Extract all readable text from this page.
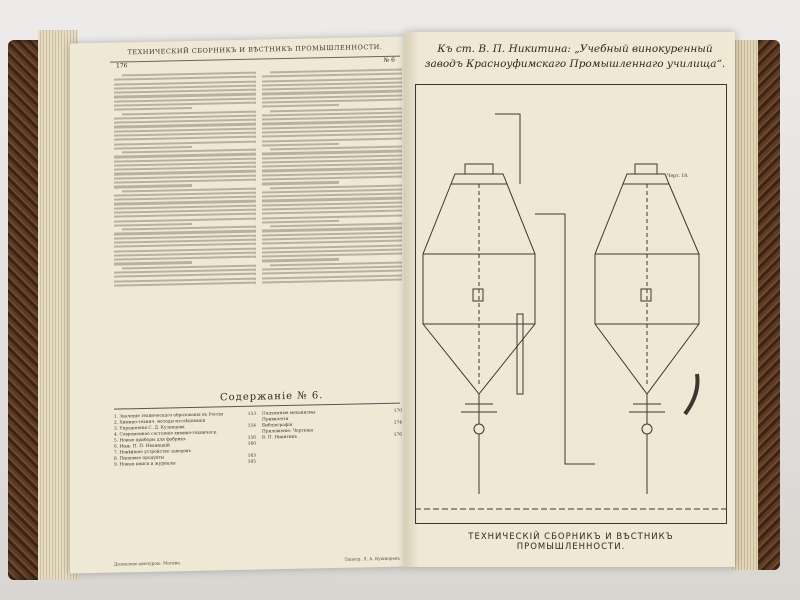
ТЕХНИЧЕСКИЙ СБОРНИКЪ И ВѢСТНИКЪ ПРОМЫШЛЕННОСТИ.
176
№ 6
Содержаніе № 6.
1. Значеніе техническаго образованія въ Россіи	153
2. Химико-технич. методы изслѣдованія
3. Упражненія С. Д. Кузнецова	154
4. Современное состояніе химико-техническ.
5. Новые приборы для фабрикъ	156
6. Инж. П. П. Иваницкій	160
7. Новѣйшее устройство заводовъ
8. Пищевые продукты	163
9. Новыя книги и журналы	165
Подъемные механизмы	170
Привилегіи
Библіографія	174
Приложеніе: Чертежи
В. П. Никитинъ	176
Дозволено цензурою. Москва.
Типогр. Л. А. Кушнеревъ
Къ ст. В. П. Никитина: „Учебный винокуренный заводъ Красноуфимскаго Промышленнаго училища“.
Черт. 18.
ТЕХНИЧЕСКІЙ СБОРНИКЪ И ВѢСТНИКЪ ПРОМЫШЛЕННОСТИ.
